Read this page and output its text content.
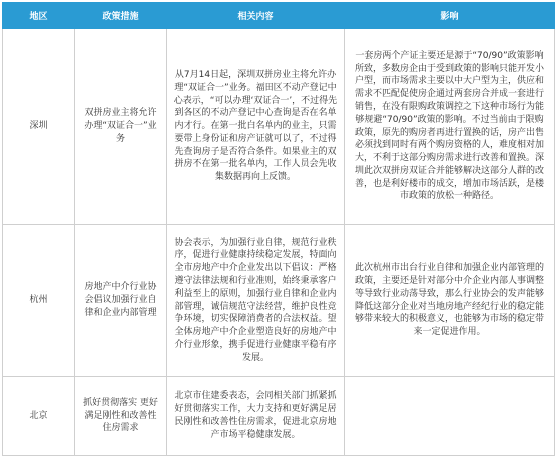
地区	政策措施	相关内容	影响
深圳	双拼房业主将允许办理“双证合一”业务	从7月14日起，深圳双拼房业主将允许办理“双证合一”业务。福田区不动产登记中心表示，“可以办理‘双证合一’，不过得先到各区的不动产登记中心查询是否在名单内才行。在第一批白名单内的业主，只需要带上身份证和房产证就可以了，不过得先查询房子是否符合条件。如果业主的双拼房不在第一批名单内，工作人员会先收集数据再向上反馈。	一套房两个产证主要还是源于“70/90”政策影响所致，多数房企由于受到政策的影响只能开发小户型，而市场需求主要以中大户型为主，供应和需求不匹配促使房企通过两套房合并成一套进行销售，在没有限购政策调控之下这种市场行为能够规避“70/90”政策的影响。不过当前由于限购政策，原先的购房者再进行置换的话，房产出售必须找到同时有两个购房资格的人，难度相对加大，不利于这部分购房需求进行改善和置换。深圳此次双拼房双证合并能够解决这部分人群的改善，也是利好楼市的成交，增加市场活跃，是楼市政策的放松一种路径。
杭州	房地产中介行业协会倡议加强行业自律和企业内部管理	协会表示，为加强行业自律，规范行业秩序，促进行业健康持续稳定发展，特面向全市房地产中介企业发出以下倡议：严格遵守法律法规和行业准则，始终秉承客户利益至上的原则，加强行业自律和企业内部管理，诚信规范守法经营，维护良性竞争环境，切实保障消费者的合法权益。望全体房地产中介企业塑造良好的房地产中介行业形象，携手促进行业健康平稳有序发展。	此次杭州市出台行业自律和加强企业内部管理的政策，主要还是针对部分中介企业内部人事调整等导致行业动荡导致，那么行业协会的发声能够降低这部分企业对当地房地产经纪行业的稳定能够带来较大的积极意义，也能够为市场的稳定带来一定促进作用。
北京	抓好贯彻落实 更好满足刚性和改善性住房需求	北京市住建委表态，会同相关部门抓紧抓好贯彻落实工作，大力支持和更好满足居民刚性和改善性住房需求，促进北京房地产市场平稳健康发展。	
